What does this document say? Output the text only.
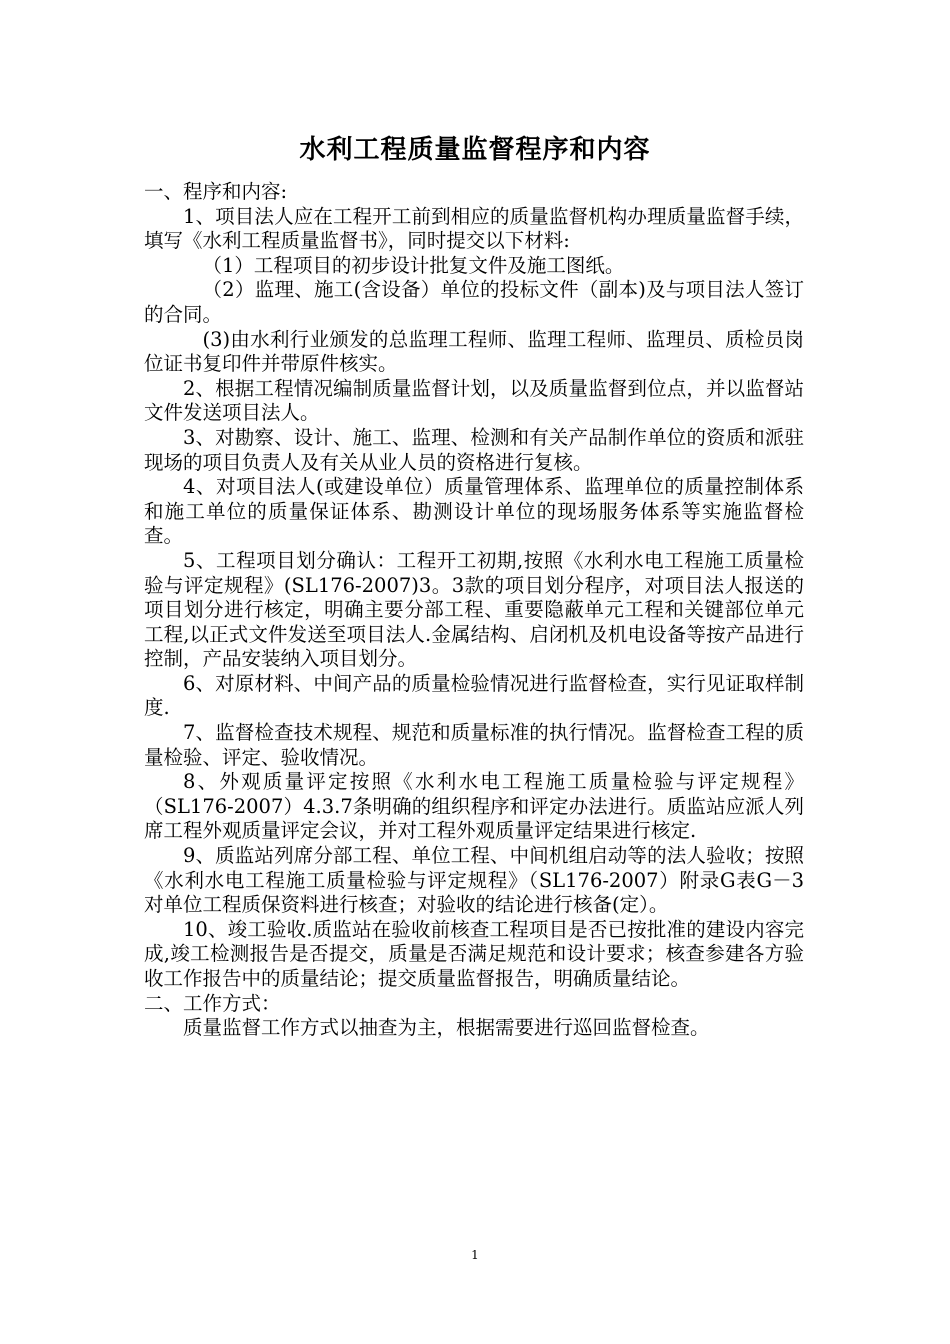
水利工程质量监督程序和内容

一、程序和内容:

1、项目法人应在工程开工前到相应的质量监督机构办理质量监督手续，填写《水利工程质量监督书》，同时提交以下材料:

（1）工程项目的初步设计批复文件及施工图纸。

（2）监理、施工(含设备）单位的投标文件（副本)及与项目法人签订的合同。

(3)由水利行业颁发的总监理工程师、监理工程师、监理员、质检员岗位证书复印件并带原件核实。

2、根据工程情况编制质量监督计划，以及质量监督到位点，并以监督站文件发送项目法人。

3、对勘察、设计、施工、监理、检测和有关产品制作单位的资质和派驻现场的项目负责人及有关从业人员的资格进行复核。

4、对项目法人(或建设单位）质量管理体系、监理单位的质量控制体系和施工单位的质量保证体系、勘测设计单位的现场服务体系等实施监督检查。

5、工程项目划分确认：工程开工初期,按照《水利水电工程施工质量检验与评定规程》(SL176-2007)3。3款的项目划分程序，对项目法人报送的项目划分进行核定，明确主要分部工程、重要隐蔽单元工程和关键部位单元工程,以正式文件发送至项目法人.金属结构、启闭机及机电设备等按产品进行控制，产品安装纳入项目划分。

6、对原材料、中间产品的质量检验情况进行监督检查，实行见证取样制度.

7、监督检查技术规程、规范和质量标准的执行情况。监督检查工程的质量检验、评定、验收情况。

8、外观质量评定按照《水利水电工程施工质量检验与评定规程》（SL176-2007）4.3.7条明确的组织程序和评定办法进行。质监站应派人列席工程外观质量评定会议，并对工程外观质量评定结果进行核定.

9、质监站列席分部工程、单位工程、中间机组启动等的法人验收；按照《水利水电工程施工质量检验与评定规程》（SL176-2007）附录G表G－3对单位工程质保资料进行核查；对验收的结论进行核备(定）。

10、竣工验收.质监站在验收前核查工程项目是否已按批准的建设内容完成,竣工检测报告是否提交，质量是否满足规范和设计要求；核查参建各方验收工作报告中的质量结论；提交质量监督报告，明确质量结论。

二、工作方式：

质量监督工作方式以抽查为主，根据需要进行巡回监督检查。

1
